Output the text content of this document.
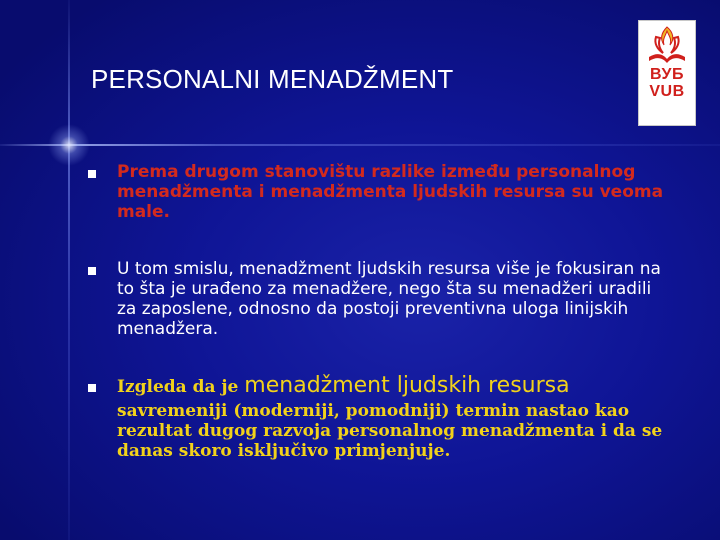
PERSONALNI MENADŽMENT	ВУБ
VUB
Prema drugom stanovištu razlike između personalnog menadžmenta i menadžmenta ljudskih resursa su veoma male.
U tom smislu, menadžment ljudskih resursa više je fokusiran na to šta je urađeno za menadžere, nego šta su menadžeri uradili za zaposlene, odnosno da postoji preventivna uloga linijskih menadžera.
Izgleda da je menadžment ljudskih resursa
savremeniji (moderniji, pomodniji) termin nastao kao rezultat dugog razvoja personalnog menadžmenta i da se danas skoro isključivo primjenjuje.
